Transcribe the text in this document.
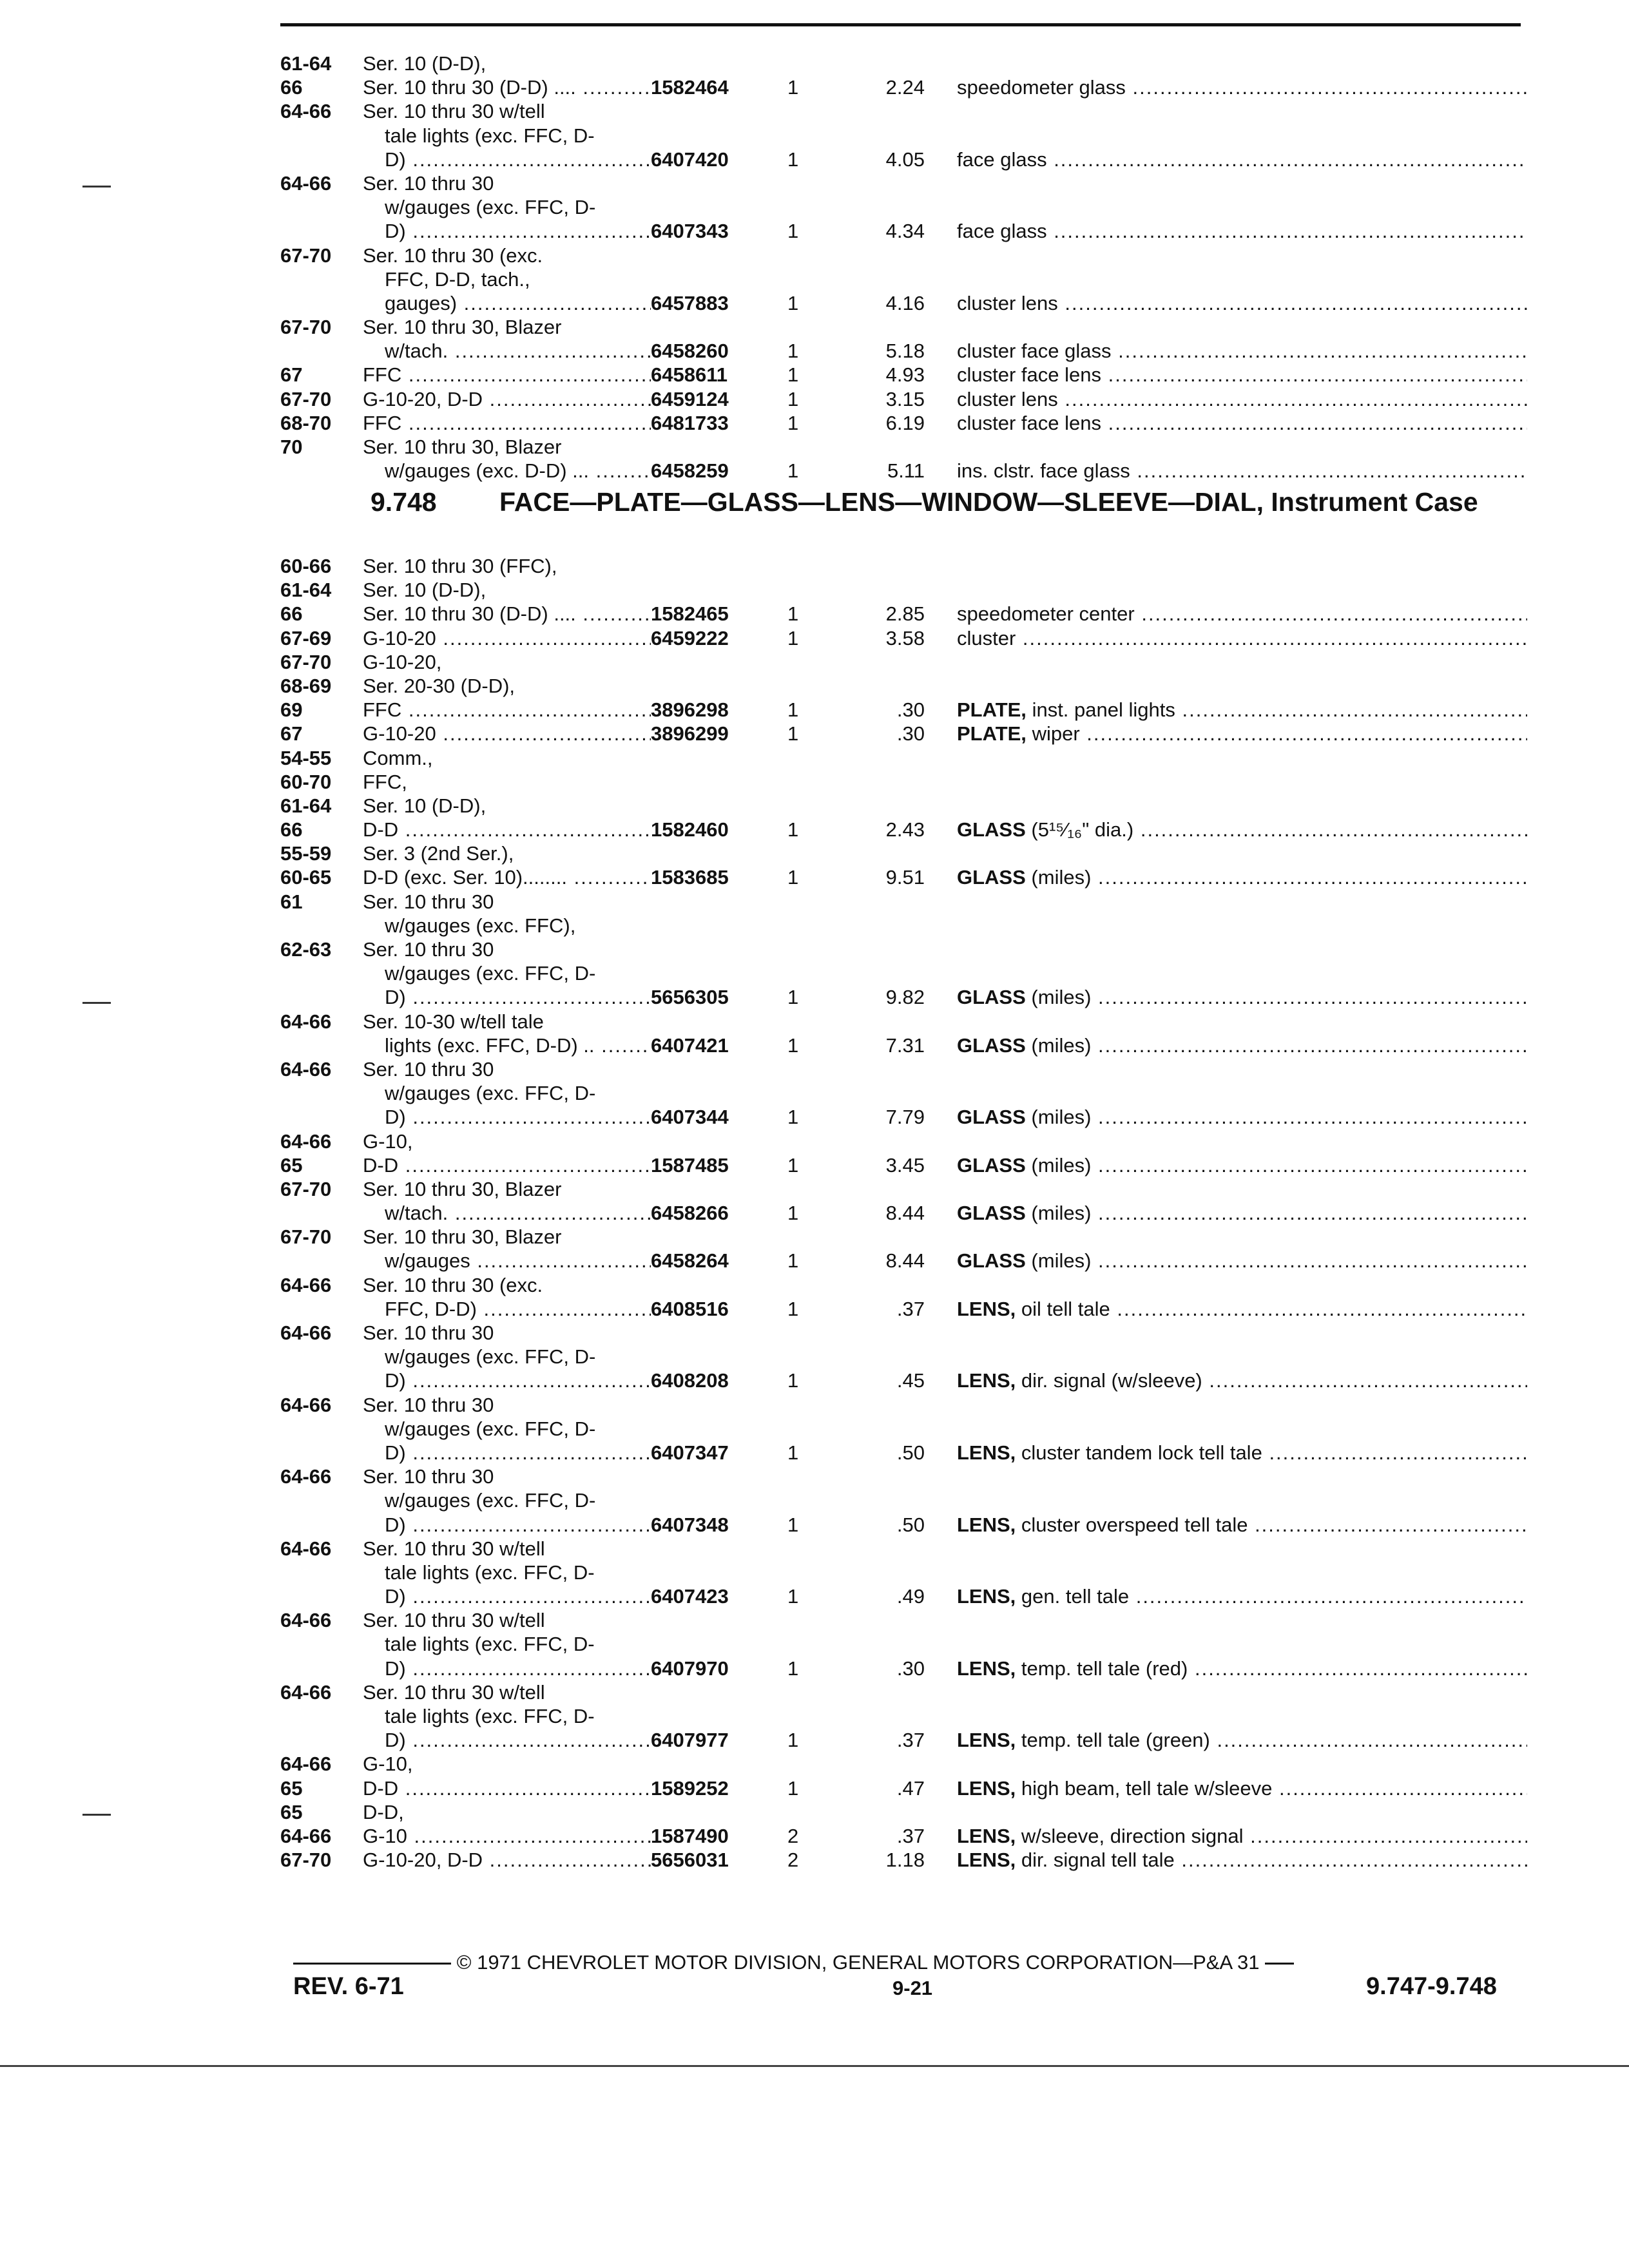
61-64 Ser. 10 (D-D),
66	Ser. 10 thru 30 (D-D) .... .....	1582464	1	2.24 speedometer glass .....
64-66 Ser. 10 thru 30 w/tell
tale lights (exc. FFC, D-
D) .....	6407420	1	4.05 face glass .....
64-66 Ser. 10 thru 30
w/gauges (exc. FFC, D-
D) .....	6407343	1	4.34 face glass .....
67-70 Ser. 10 thru 30 (exc.
FFC, D-D, tach.,
gauges) .....	6457883	1	4.16 cluster lens .....
67-70 Ser. 10 thru 30, Blazer
w/tach. .....	6458260	1	5.18 cluster face glass .....
67	FFC .....	6458611	1	4.93 cluster face lens .....
67-70 G-10-20, D-D .....	6459124	1	3.15 cluster lens .....
68-70 FFC .....	6481733	1	6.19 cluster face lens .....
70	Ser. 10 thru 30, Blazer
w/gauges (exc. D-D) ... .....	6458259	1	5.11 ins. clstr. face glass .....
9.748 FACE—PLATE—GLASS—LENS—WINDOW—SLEEVE—DIAL, Instrument Case
60-66 Ser. 10 thru 30 (FFC),
61-64 Ser. 10 (D-D),
66	Ser. 10 thru 30 (D-D) .... .....	1582465	1	2.85 speedometer center .....
67-69 G-10-20 .....	6459222	1	3.58 cluster .....
67-70 G-10-20,
68-69 Ser. 20-30 (D-D),
69	FFC .....	3896298	1	.30 PLATE, inst. panel lights .....
67	G-10-20 .....	3896299	1	.30 PLATE, wiper .....
54-55 Comm.,
60-70 FFC,
61-64 Ser. 10 (D-D),
66	D-D .....	1582460	1	2.43 GLASS (5¹⁵⁄₁₆" dia.) .....
55-59 Ser. 3 (2nd Ser.),
60-65 D-D (exc. Ser. 10)........ .....	1583685	1	9.51 GLASS (miles) .....
61	Ser. 10 thru 30
w/gauges (exc. FFC),
62-63 Ser. 10 thru 30
w/gauges (exc. FFC, D-
D) .....	5656305	1	9.82 GLASS (miles) .....
64-66 Ser. 10-30 w/tell tale
lights (exc. FFC, D-D) .. .....	6407421	1	7.31 GLASS (miles) .....
64-66 Ser. 10 thru 30
w/gauges (exc. FFC, D-
D) .....	6407344	1	7.79 GLASS (miles) .....
64-66 G-10,
65	D-D .....	1587485	1	3.45 GLASS (miles) .....
67-70 Ser. 10 thru 30, Blazer
w/tach. .....	6458266	1	8.44 GLASS (miles) .....
67-70 Ser. 10 thru 30, Blazer
w/gauges .....	6458264	1	8.44 GLASS (miles) .....
64-66 Ser. 10 thru 30 (exc.
FFC, D-D) .....	6408516	1	.37 LENS, oil tell tale .....
64-66 Ser. 10 thru 30
w/gauges (exc. FFC, D-
D) .....	6408208	1	.45 LENS, dir. signal (w/sleeve) .....
64-66 Ser. 10 thru 30
w/gauges (exc. FFC, D-
D) .....	6407347	1	.50 LENS, cluster tandem lock tell tale .....
64-66 Ser. 10 thru 30
w/gauges (exc. FFC, D-
D) .....	6407348	1	.50 LENS, cluster overspeed tell tale .....
64-66 Ser. 10 thru 30 w/tell
tale lights (exc. FFC, D-
D) .....	6407423	1	.49 LENS, gen. tell tale .....
64-66 Ser. 10 thru 30 w/tell
tale lights (exc. FFC, D-
D) .....	6407970	1	.30 LENS, temp. tell tale (red) .....
64-66 Ser. 10 thru 30 w/tell
tale lights (exc. FFC, D-
D) .....	6407977	1	.37 LENS, temp. tell tale (green) .....
64-66 G-10,
65	D-D .....	1589252	1	.47 LENS, high beam, tell tale w/sleeve .....
65	D-D,
64-66 G-10 .....	1587490	2	.37 LENS, w/sleeve, direction signal .....
67-70 G-10-20, D-D .....	5656031	2	1.18 LENS, dir. signal tell tale .....
© 1971 CHEVROLET MOTOR DIVISION, GENERAL MOTORS CORPORATION—P&A 31
REV. 6-71	9-21	9.747-9.748
